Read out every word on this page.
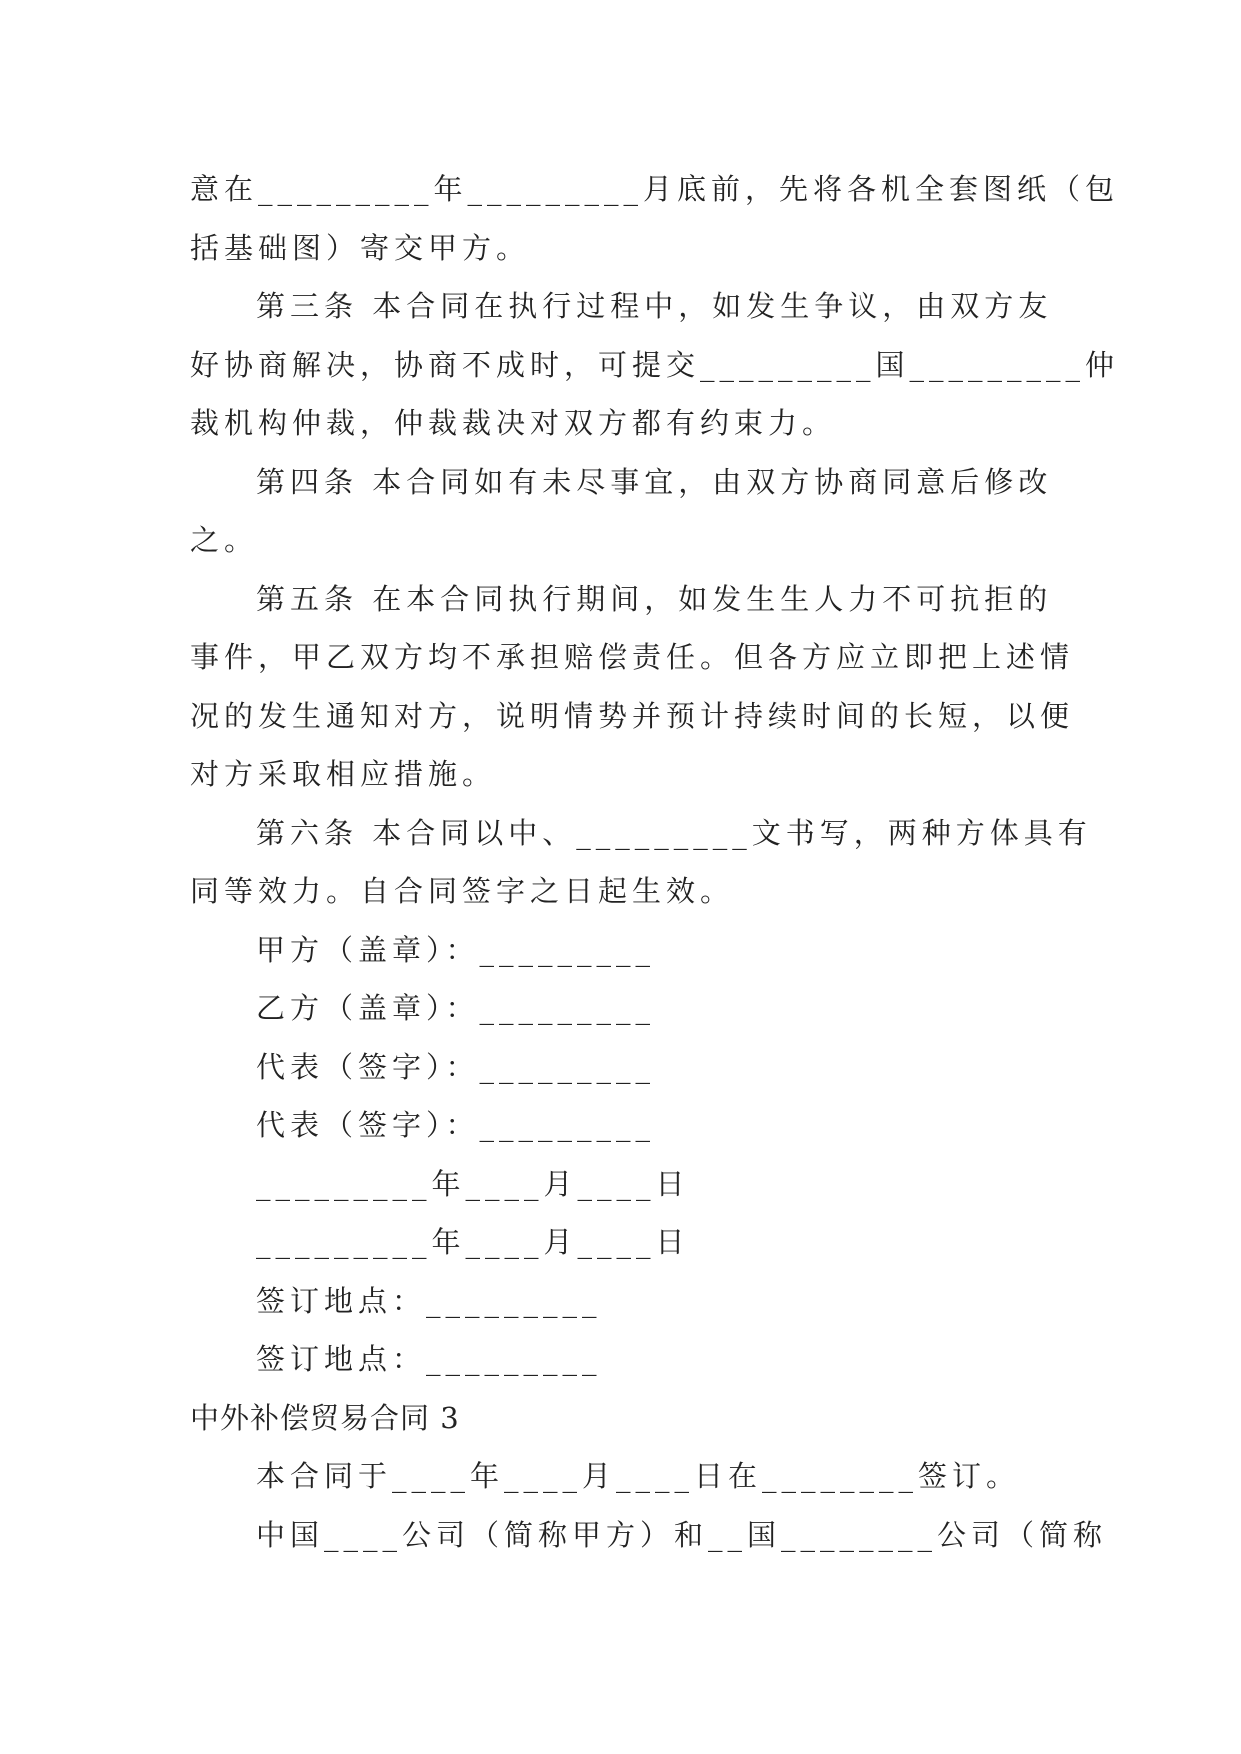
意在_________年_________月底前，先将各机全套图纸（包
括基础图）寄交甲方。
第三条 本合同在执行过程中，如发生争议，由双方友
好协商解决，协商不成时，可提交_________国_________仲
裁机构仲裁，仲裁裁决对双方都有约束力。
第四条 本合同如有未尽事宜，由双方协商同意后修改
之。
第五条 在本合同执行期间，如发生生人力不可抗拒的
事件，甲乙双方均不承担赔偿责任。但各方应立即把上述情
况的发生通知对方，说明情势并预计持续时间的长短，以便
对方采取相应措施。
第六条 本合同以中、_________文书写，两种方体具有
同等效力。自合同签字之日起生效。
甲方（盖章）：_________
乙方（盖章）：_________
代表（签字）：_________
代表（签字）：_________
_________年____月____日
_________年____月____日
签订地点：_________
签订地点：_________
中外补偿贸易合同 3
本合同于____年____月____日在________签订。
中国____公司（简称甲方）和__国________公司（简称
